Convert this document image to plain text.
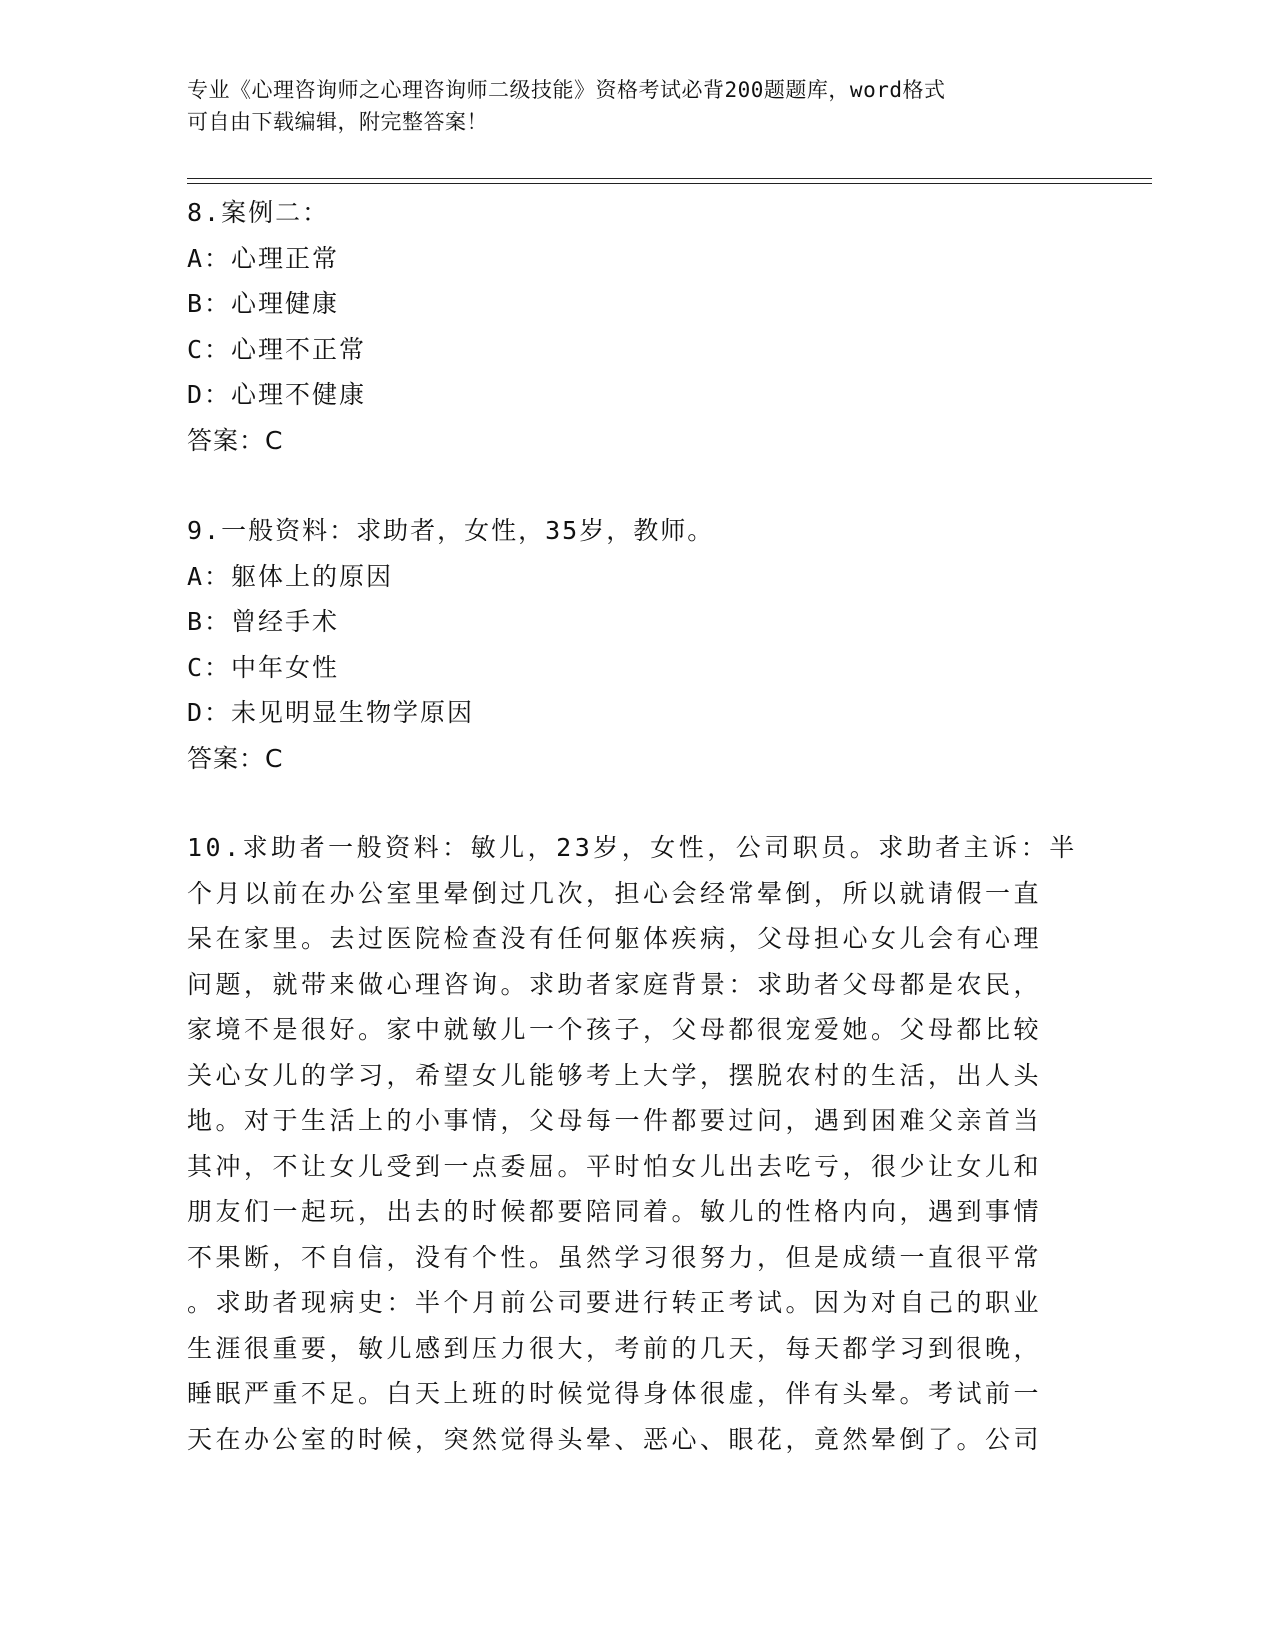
专业《心理咨询师之心理咨询师二级技能》资格考试必背200题题库，word格式
可自由下载编辑，附完整答案！
8.案例二：
A：心理正常
B：心理健康
C：心理不正常
D：心理不健康
答案：C
9.一般资料：求助者，女性，35岁，教师。
A：躯体上的原因
B：曾经手术
C：中年女性
D：未见明显生物学原因
答案：C
10.求助者一般资料：敏儿，23岁，女性，公司职员。求助者主诉：半
个月以前在办公室里晕倒过几次，担心会经常晕倒，所以就请假一直
呆在家里。去过医院检查没有任何躯体疾病，父母担心女儿会有心理
问题，就带来做心理咨询。求助者家庭背景：求助者父母都是农民，
家境不是很好。家中就敏儿一个孩子，父母都很宠爱她。父母都比较
关心女儿的学习，希望女儿能够考上大学，摆脱农村的生活，出人头
地。对于生活上的小事情，父母每一件都要过问，遇到困难父亲首当
其冲，不让女儿受到一点委屈。平时怕女儿出去吃亏，很少让女儿和
朋友们一起玩，出去的时候都要陪同着。敏儿的性格内向，遇到事情
不果断，不自信，没有个性。虽然学习很努力，但是成绩一直很平常
。求助者现病史：半个月前公司要进行转正考试。因为对自己的职业
生涯很重要，敏儿感到压力很大，考前的几天，每天都学习到很晚，
睡眠严重不足。白天上班的时候觉得身体很虚，伴有头晕。考试前一
天在办公室的时候，突然觉得头晕、恶心、眼花，竟然晕倒了。公司
